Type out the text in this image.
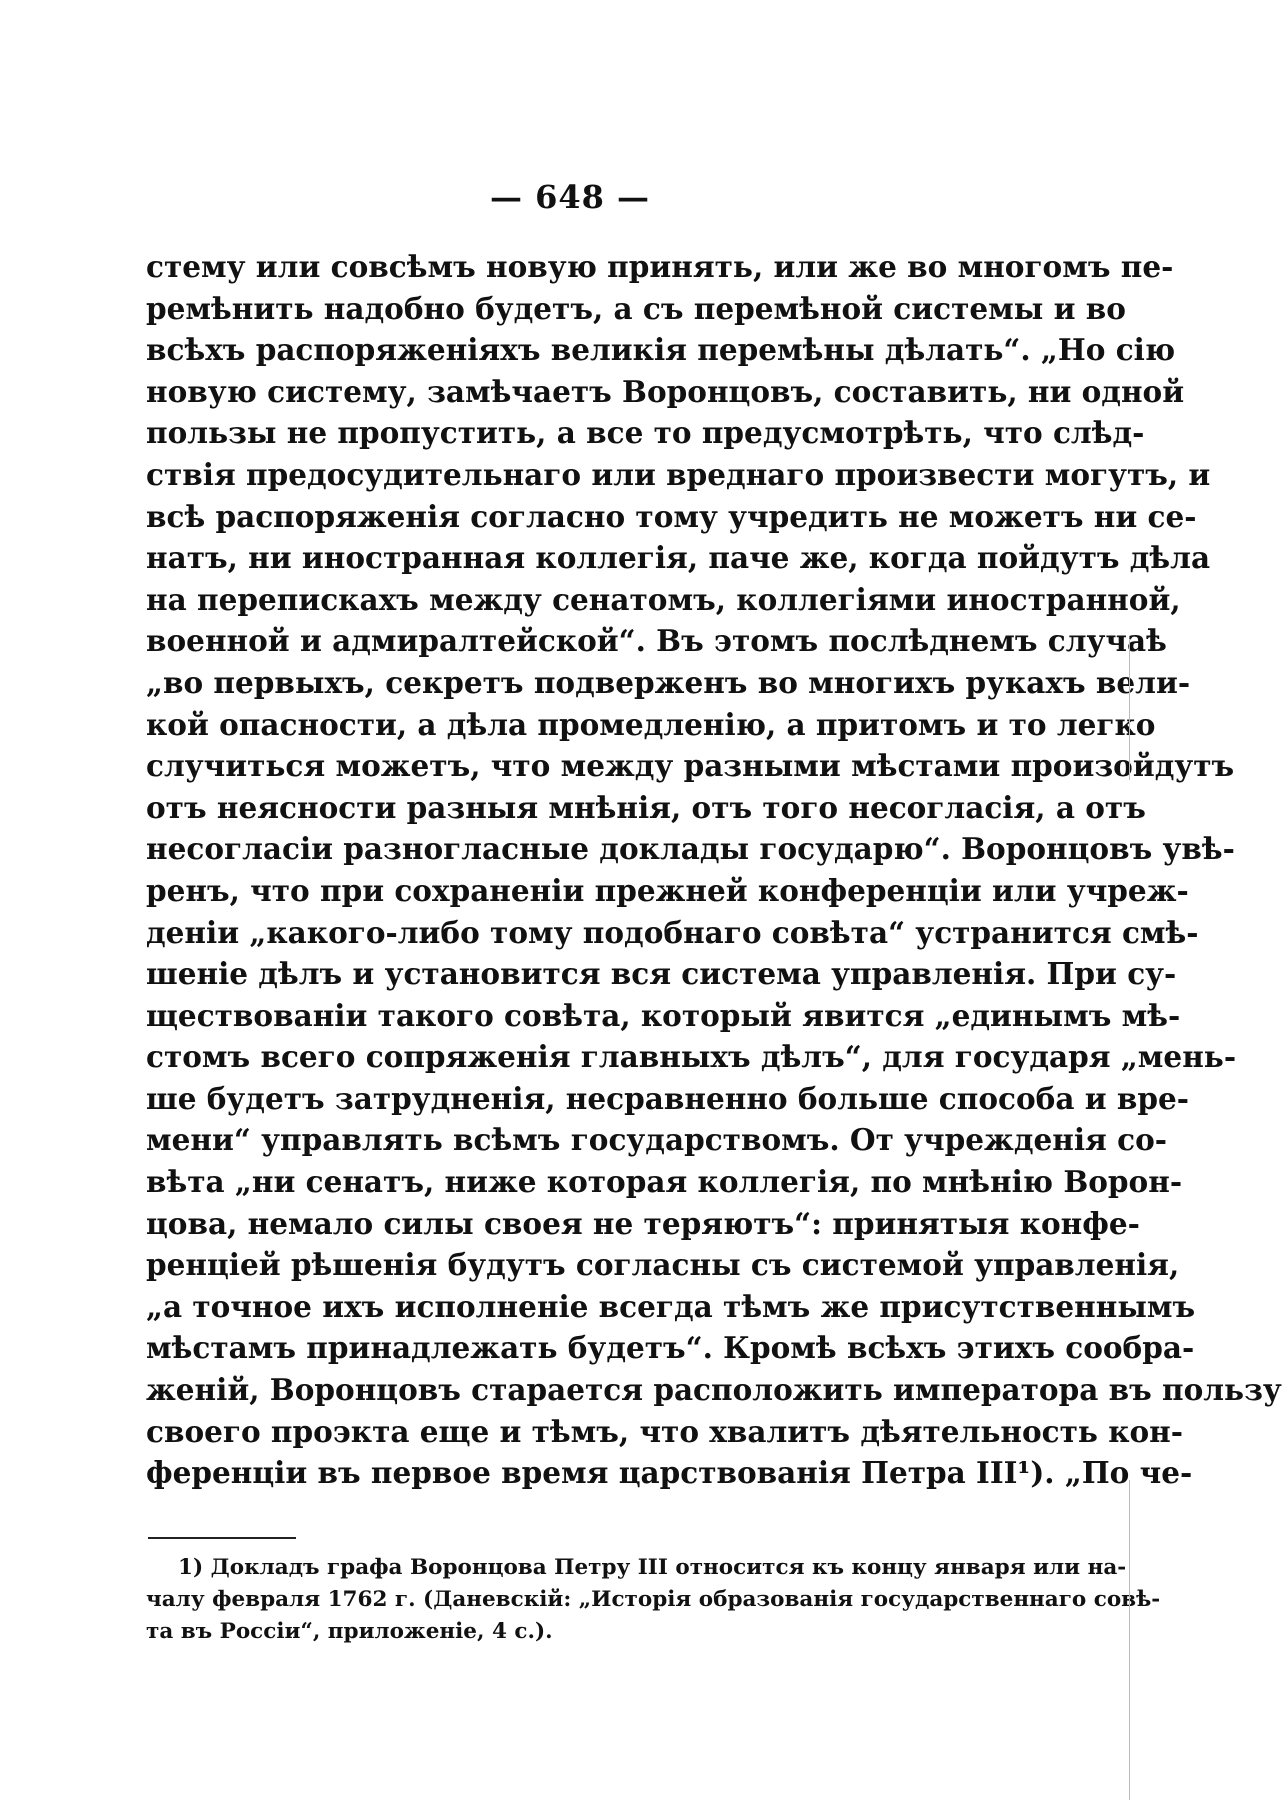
— 648 —
стему или совсѣмъ новую принять, или же во многомъ пе-
ремѣнить надобно будетъ, а съ перемѣной системы и во
всѣхъ распоряженіяхъ великія перемѣны дѣлать“. „Но сію
новую систему, замѣчаетъ Воронцовъ, составить, ни одной
пользы не пропустить, а все то предусмотрѣть, что слѣд-
ствія предосудительнаго или вреднаго произвести могутъ, и
всѣ распоряженія согласно тому учредить не можетъ ни се-
натъ, ни иностранная коллегія, паче же, когда пойдутъ дѣла
на перепискахъ между сенатомъ, коллегіями иностранной,
военной и адмиралтейской“. Въ этомъ послѣднемъ случаѣ
„во первыхъ, секретъ подверженъ во многихъ рукахъ вели-
кой опасности, а дѣла промедленію, а притомъ и то легко
случиться можетъ, что между разными мѣстами произойдутъ
отъ неясности разныя мнѣнія, отъ того несогласія, а отъ
несогласіи разногласные доклады государю“. Воронцовъ увѣ-
ренъ, что при сохраненіи прежней конференціи или учреж-
деніи „какого-либо тому подобнаго совѣта“ устранится смѣ-
шеніе дѣлъ и установится вся система управленія. При су-
ществованіи такого совѣта, который явится „единымъ мѣ-
стомъ всего сопряженія главныхъ дѣлъ“, для государя „мень-
ше будетъ затрудненія, несравненно больше способа и вре-
мени“ управлять всѣмъ государствомъ. От учрежденія со-
вѣта „ни сенатъ, ниже которая коллегія, по мнѣнію Ворон-
цова, немало силы своея не теряютъ“: принятыя конфе-
ренціей рѣшенія будутъ согласны съ системой управленія,
„а точное ихъ исполненіе всегда тѣмъ же присутственнымъ
мѣстамъ принадлежать будетъ“. Кромѣ всѣхъ этихъ сообра-
женій, Воронцовъ старается расположить императора въ пользу
своего проэкта еще и тѣмъ, что хвалитъ дѣятельность кон-
ференціи въ первое время царствованія Петра III¹). „По че-
1) Докладъ графа Воронцова Петру III относится къ концу января или на-
чалу февраля 1762 г. (Даневскій: „Исторія образованія государственнаго совѣ-
та въ Россіи“, приложеніе, 4 с.).
